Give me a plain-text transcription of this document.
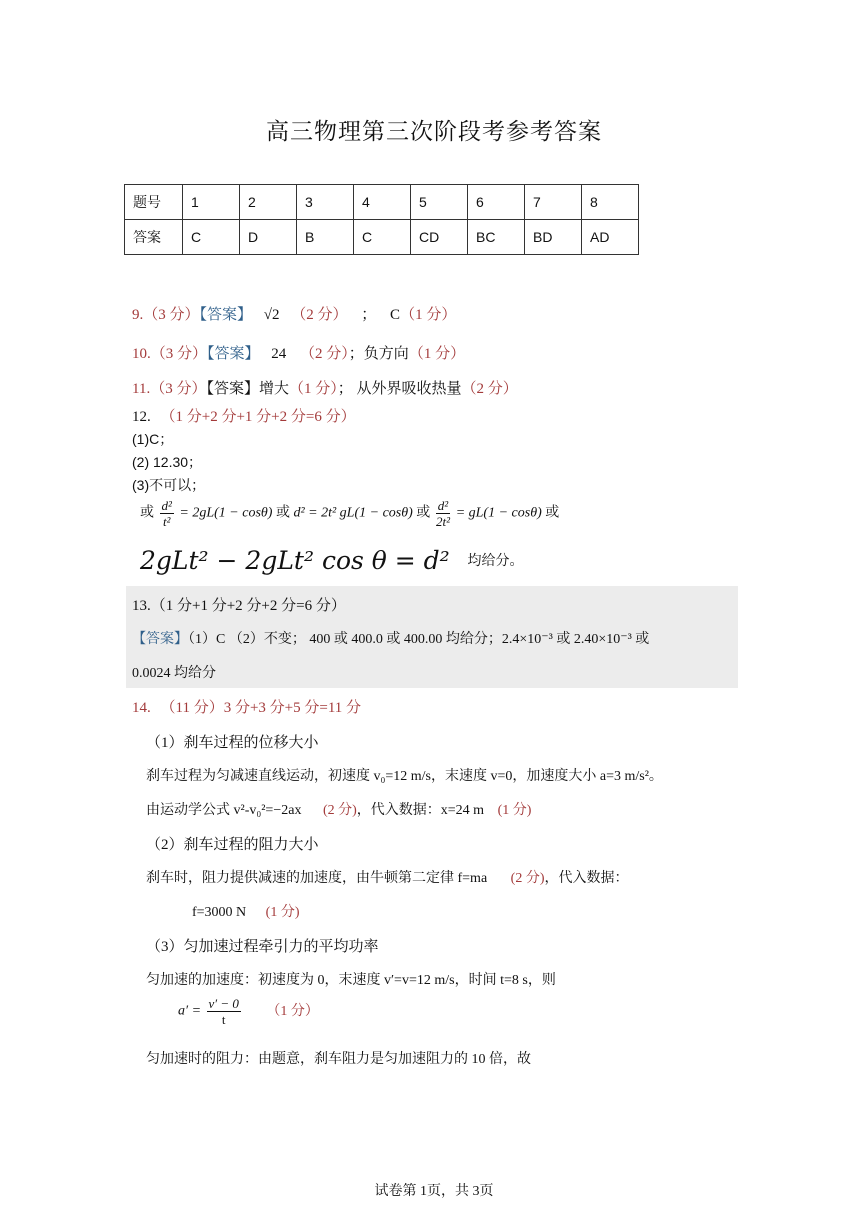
高三物理第三次阶段考参考答案
题号	1	2	3	4	5	6	7	8
答案	C	D	B	C	CD	BC	BD	AD
9.（3 分）【答案】 √2 （2 分） ； C（1 分）
10.（3 分）【答案】 24 （2 分）；负方向（1 分）
11.（3 分）【答案】增大（1 分）； 从外界吸收热量（2 分）
12. （1 分+2 分+1 分+2 分=6 分）
(1)C；
(2) 12.30；
(3)不可以；
或 $\frac{\text{d²}}{\text{t²}} = 2gL(1 - \cos\theta)$ 或 d² = 2t² gL(1 − cosθ) 或 $\frac{\text{d²}}{\text{2t²}} = gL(1 - \cos\theta)$ 或
2gLt² − 2gLt² cos θ = d² 均给分。
13.（1 分+1 分+2 分+2 分=6 分）
【答案】（1）C （2）不变； 400 或 400.0 或 400.00 均给分；2.4×10⁻³ 或 2.40×10⁻³ 或
0.0024 均给分
14. （11 分）3 分+3 分+5 分=11 分
（1）刹车过程的位移大小
刹车过程为匀减速直线运动，初速度 v₀=12 m/s，末速度 v=0，加速度大小 a=3 m/s²。
由运动学公式 v²-v₀²=−2ax (2 分)，代入数据：x=24 m (1 分)
（2）刹车过程的阻力大小
刹车时，阻力提供减速的加速度，由牛顿第二定律 f=ma (2 分)，代入数据：
f=3000 N (1 分)
（3）匀加速过程牵引力的平均功率
匀加速的加速度：初速度为 0，末速度 v′=v=12 m/s，时间 t=8 s，则
$a' = \frac{v' - 0}{t} (1$ 分）
匀加速时的阻力：由题意，刹车阻力是匀加速阻力的 10 倍，故
试卷第 1页，共 3页
